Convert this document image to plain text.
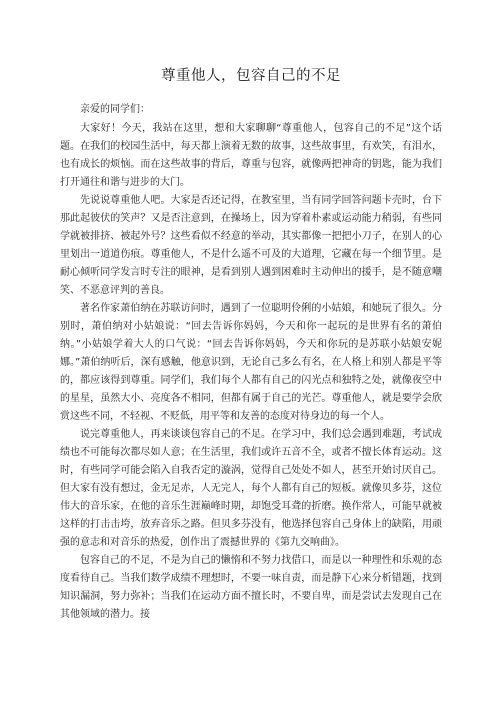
尊重他人，包容自己的不足

亲爱的同学们：

大家好！今天，我站在这里，想和大家聊聊“尊重他人，包容自己的不足”这个话题。在我们的校园生活中，每天都上演着无数的故事，这些故事里，有欢笑，有泪水，也有成长的烦恼。而在这些故事的背后，尊重与包容，就像两把神奇的钥匙，能为我们打开通往和谐与进步的大门。

先说说尊重他人吧。大家是否还记得，在教室里，当有同学回答问题卡壳时，台下那此起彼伏的笑声？又是否注意到，在操场上，因为穿着朴素或运动能力稍弱，有些同学就被排挤、被起外号？这些看似不经意的举动，其实都像一把把小刀子，在别人的心里划出一道道伤痕。尊重他人，不是什么遥不可及的大道理，它藏在每一个细节里。是耐心倾听同学发言时专注的眼神，是看到别人遇到困难时主动伸出的援手，是不随意嘲笑、不恶意评判的善良。

著名作家萧伯纳在苏联访问时，遇到了一位聪明伶俐的小姑娘，和她玩了很久。分别时，萧伯纳对小姑娘说：“回去告诉你妈妈，今天和你一起玩的是世界有名的萧伯纳。”小姑娘学着大人的口气说：“回去告诉你妈妈，今天和你玩的是苏联小姑娘安妮娜。”萧伯纳听后，深有感触，他意识到，无论自己多么有名，在人格上和别人都是平等的，都应该得到尊重。同学们，我们每个人都有自己的闪光点和独特之处，就像夜空中的星星，虽然大小、亮度各不相同，但都有属于自己的光芒。尊重他人，就是要学会欣赏这些不同，不轻视、不贬低，用平等和友善的态度对待身边的每一个人。

说完尊重他人，再来谈谈包容自己的不足。在学习中，我们总会遇到难题，考试成绩也不可能每次都尽如人意；在生活里，我们或许五音不全，或者不擅长体育运动。这时，有些同学可能会陷入自我否定的漩涡，觉得自己处处不如人，甚至开始讨厌自己。但大家有没有想过，金无足赤，人无完人，每个人都有自己的短板。就像贝多芬，这位伟大的音乐家，在他的音乐生涯巅峰时期，却饱受耳聋的折磨。换作常人，可能早就被这样的打击击垮，放弃音乐之路。但贝多芬没有，他选择包容自己身体上的缺陷，用顽强的意志和对音乐的热爱，创作出了震撼世界的《第九交响曲》。

包容自己的不足，不是为自己的懒惰和不努力找借口，而是以一种理性和乐观的态度看待自己。当我们数学成绩不理想时，不要一味自责，而是静下心来分析错题，找到知识漏洞，努力弥补；当我们在运动方面不擅长时，不要自卑，而是尝试去发现自己在其他领域的潜力。接
